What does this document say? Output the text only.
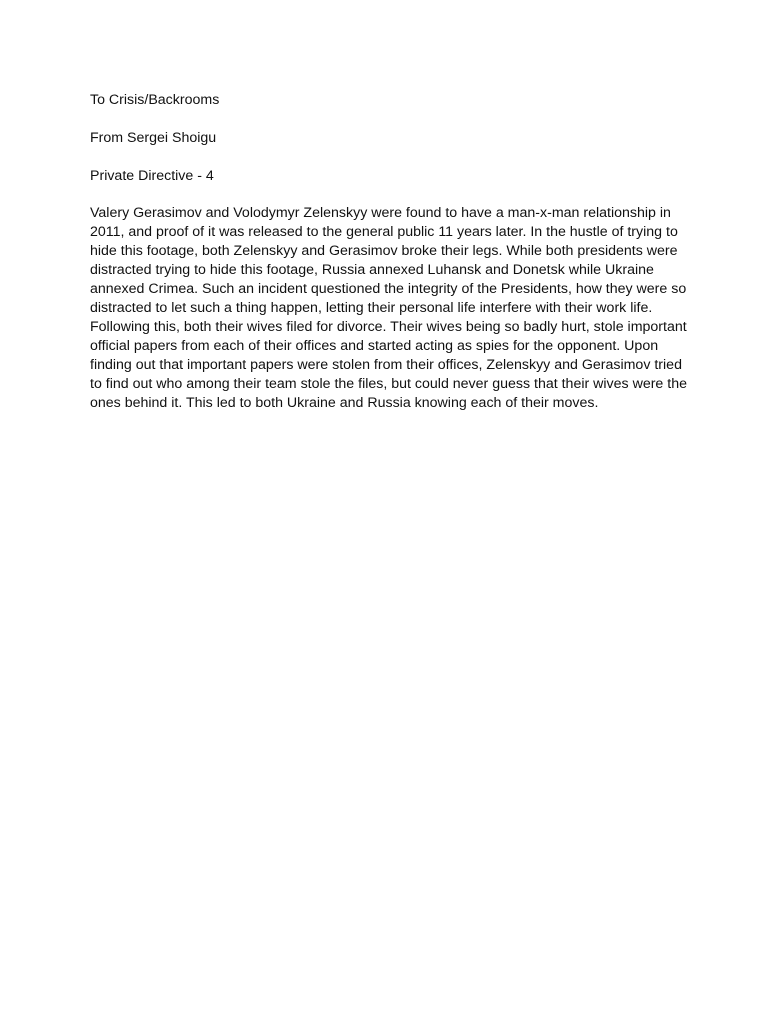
To Crisis/Backrooms

From Sergei Shoigu

Private Directive - 4

Valery Gerasimov and Volodymyr Zelenskyy were found to have a man-x-man relationship in
2011, and proof of it was released to the general public 11 years later. In the hustle of trying to
hide this footage, both Zelenskyy and Gerasimov broke their legs. While both presidents were
distracted trying to hide this footage, Russia annexed Luhansk and Donetsk while Ukraine
annexed Crimea. Such an incident questioned the integrity of the Presidents, how they were so
distracted to let such a thing happen, letting their personal life interfere with their work life.
Following this, both their wives filed for divorce. Their wives being so badly hurt, stole important
official papers from each of their offices and started acting as spies for the opponent. Upon
finding out that important papers were stolen from their offices, Zelenskyy and Gerasimov tried
to find out who among their team stole the files, but could never guess that their wives were the
ones behind it. This led to both Ukraine and Russia knowing each of their moves.
